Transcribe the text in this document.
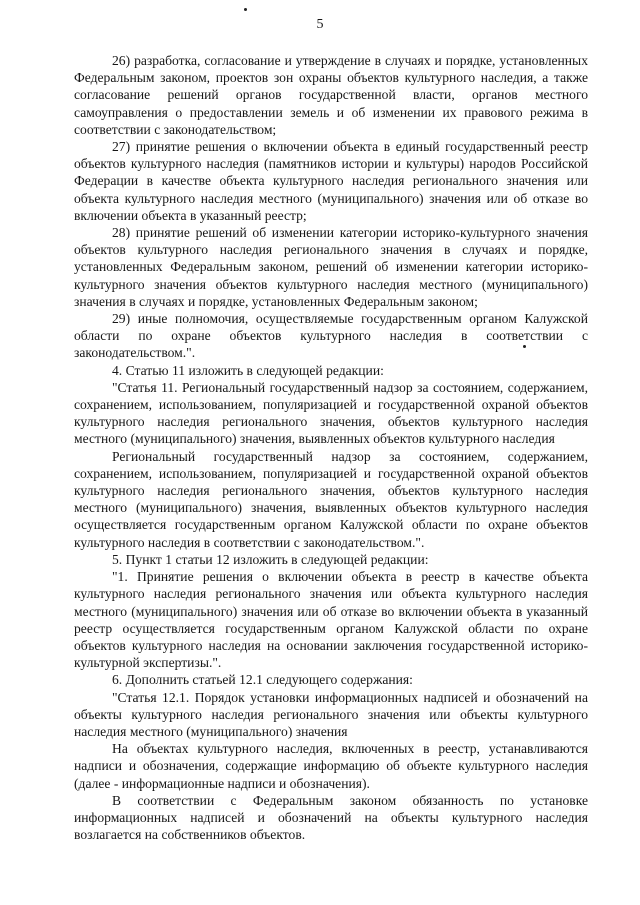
5

26) разработка, согласование и утверждение в случаях и порядке, установленных Федеральным законом, проектов зон охраны объектов культурного наследия, а также согласование решений органов государственной власти, органов местного самоуправления о предоставлении земель и об изменении их правового режима в соответствии с законодательством;

27) принятие решения о включении объекта в единый государственный реестр объектов культурного наследия (памятников истории и культуры) народов Российской Федерации в качестве объекта культурного наследия регионального значения или объекта культурного наследия местного (муниципального) значения или об отказе во включении объекта в указанный реестр;

28) принятие решений об изменении категории историко-культурного значения объектов культурного наследия регионального значения в случаях и порядке, установленных Федеральным законом, решений об изменении категории историко-культурного значения объектов культурного наследия местного (муниципального) значения в случаях и порядке, установленных Федеральным законом;

29) иные полномочия, осуществляемые государственным органом Калужской области по охране объектов культурного наследия в соответствии с законодательством.".

4. Статью 11 изложить в следующей редакции:

"Статья 11. Региональный государственный надзор за состоянием, содержанием, сохранением, использованием, популяризацией и государственной охраной объектов культурного наследия регионального значения, объектов культурного наследия местного (муниципального) значения, выявленных объектов культурного наследия

Региональный государственный надзор за состоянием, содержанием, сохранением, использованием, популяризацией и государственной охраной объектов культурного наследия регионального значения, объектов культурного наследия местного (муниципального) значения, выявленных объектов культурного наследия осуществляется государственным органом Калужской области по охране объектов культурного наследия в соответствии с законодательством.".

5. Пункт 1 статьи 12 изложить в следующей редакции:

"1. Принятие решения о включении объекта в реестр в качестве объекта культурного наследия регионального значения или объекта культурного наследия местного (муниципального) значения или об отказе во включении объекта в указанный реестр осуществляется государственным органом Калужской области по охране объектов культурного наследия на основании заключения государственной историко-культурной экспертизы.".

6. Дополнить статьей 12.1 следующего содержания:

"Статья 12.1. Порядок установки информационных надписей и обозначений на объекты культурного наследия регионального значения или объекты культурного наследия местного (муниципального) значения

На объектах культурного наследия, включенных в реестр, устанавливаются надписи и обозначения, содержащие информацию об объекте культурного наследия (далее - информационные надписи и обозначения).

В соответствии с Федеральным законом обязанность по установке информационных надписей и обозначений на объекты культурного наследия возлагается на собственников объектов.
